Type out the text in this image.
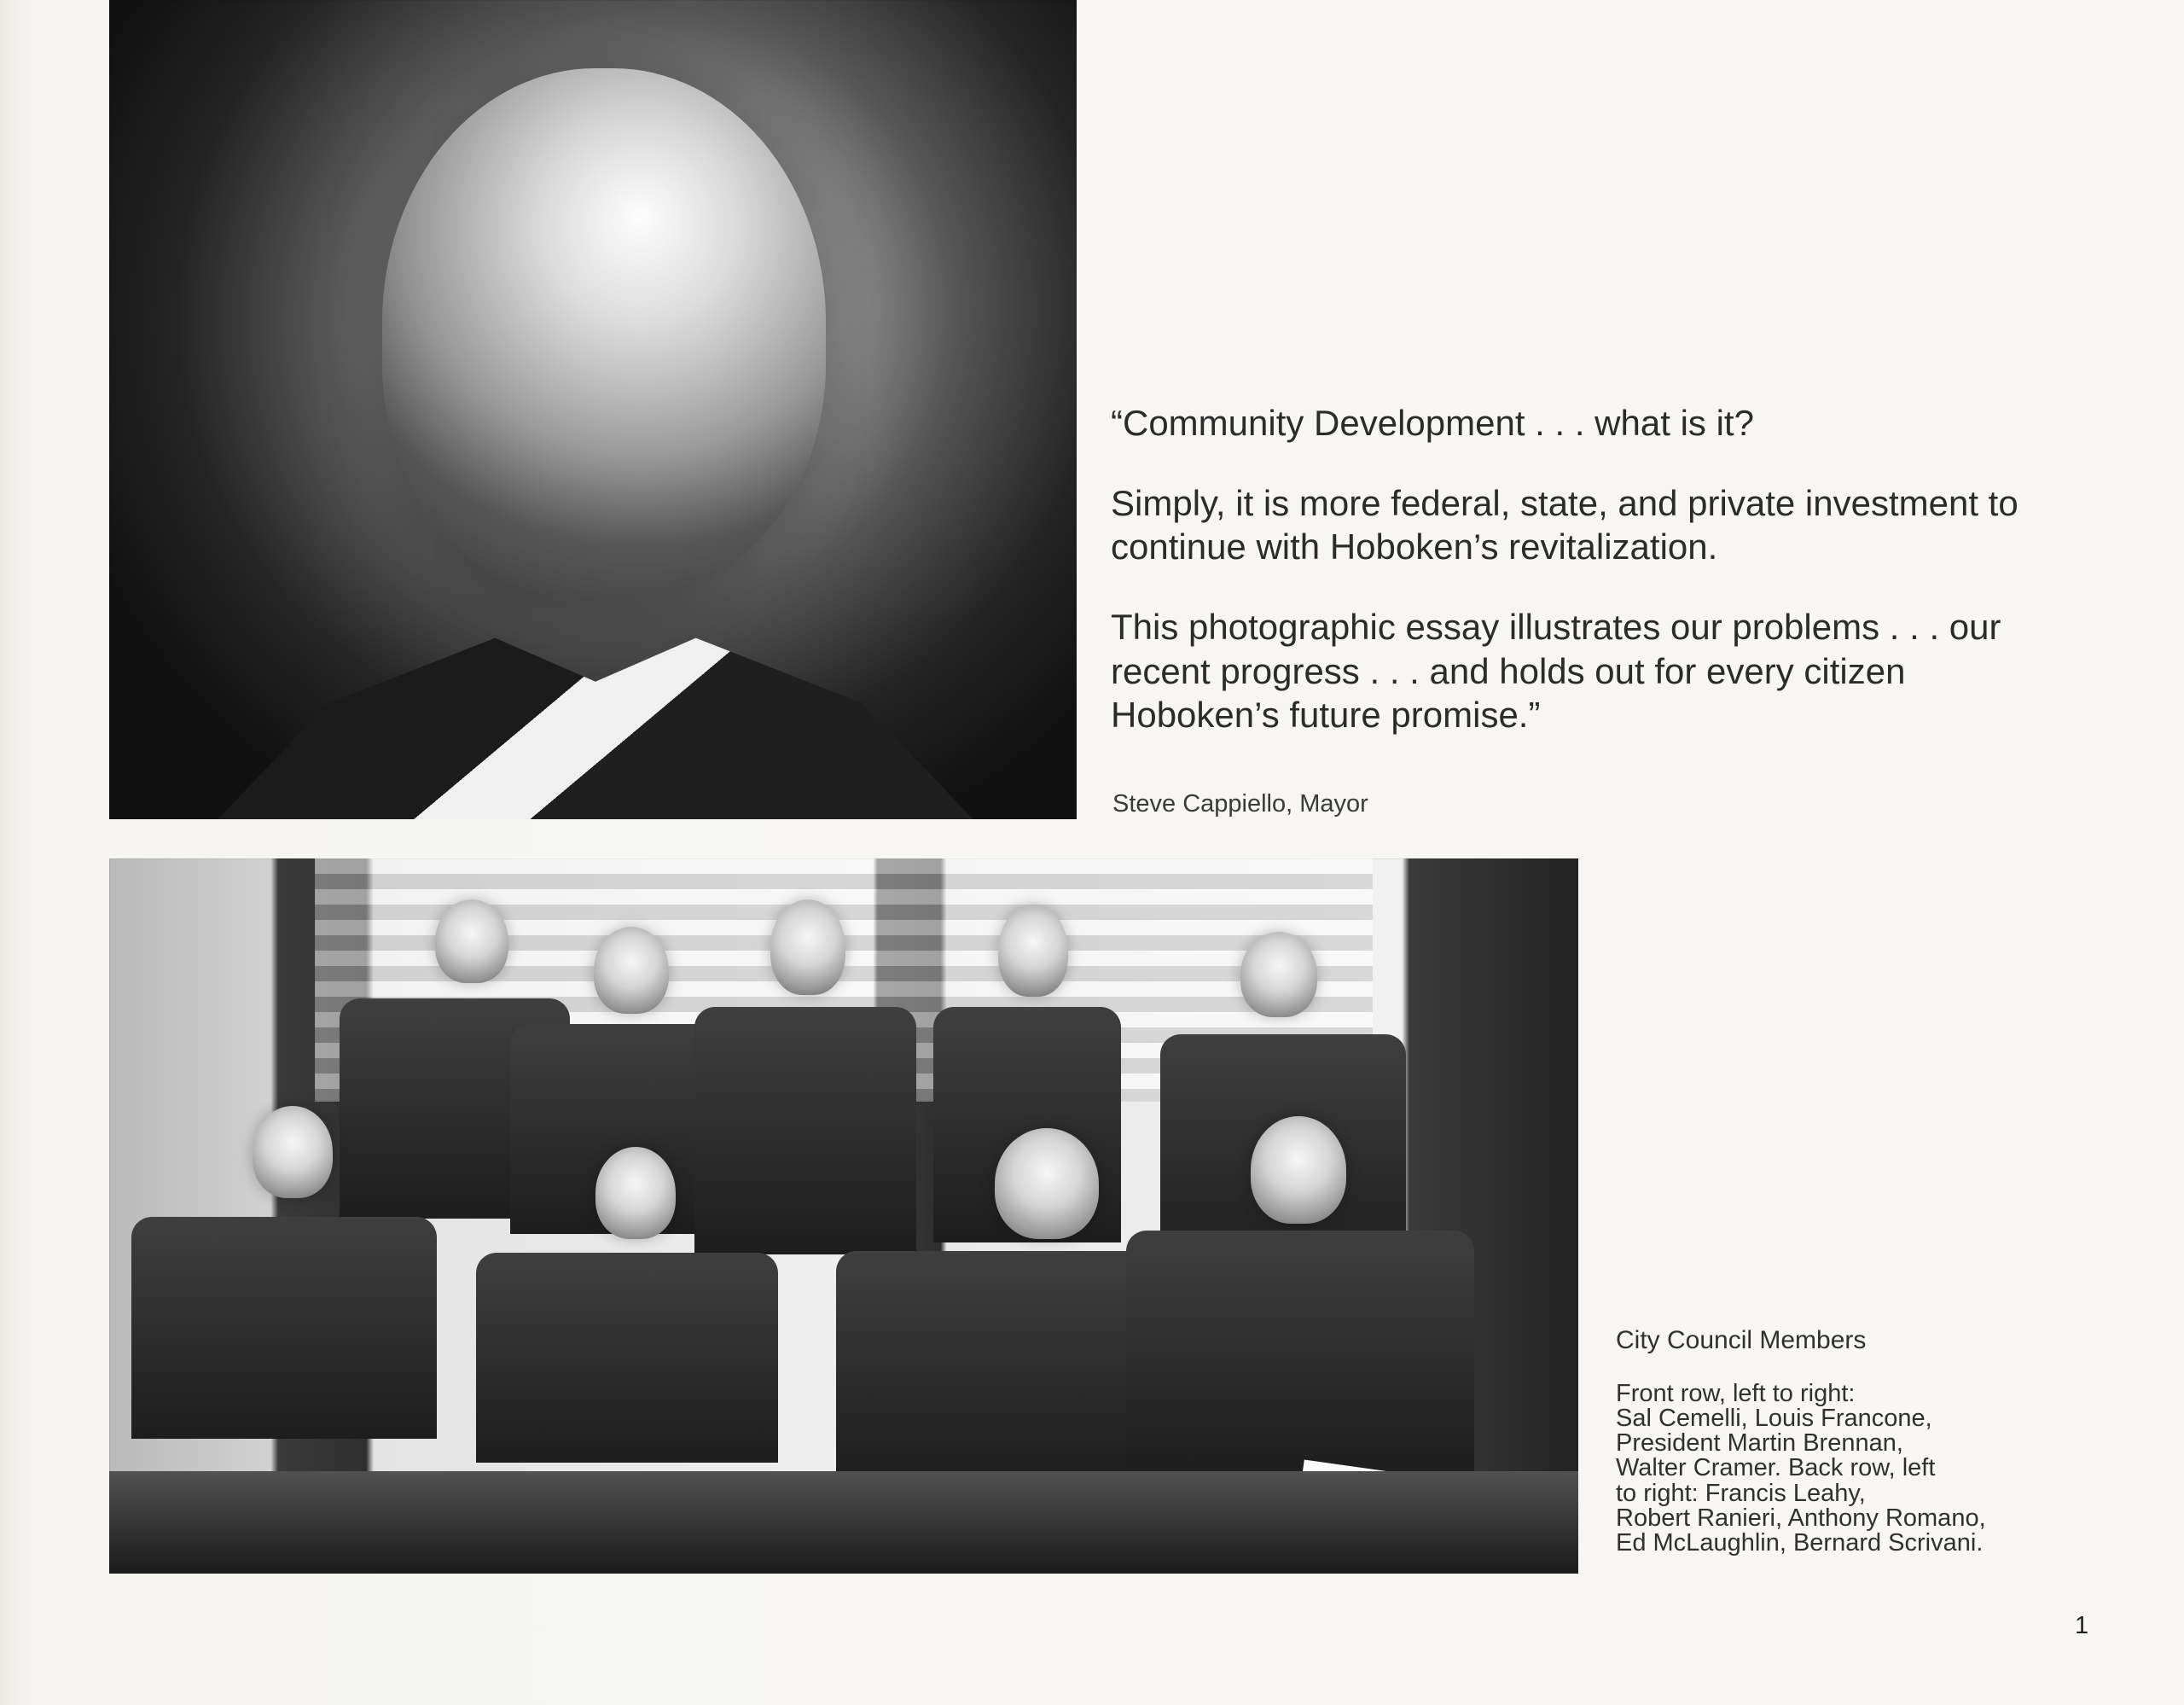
“Community Development . . . what is it?

Simply, it is more federal, state, and private investment to continue with Hoboken’s revitalization.

This photographic essay illustrates our problems . . . our recent progress . . . and holds out for every citizen Hoboken’s future promise.”

Steve Cappiello, Mayor

City Council Members

Front row, left to right:
Sal Cemelli, Louis Francone,
President Martin Brennan,
Walter Cramer. Back row, left
to right: Francis Leahy,
Robert Ranieri, Anthony Romano,
Ed McLaughlin, Bernard Scrivani.

1
